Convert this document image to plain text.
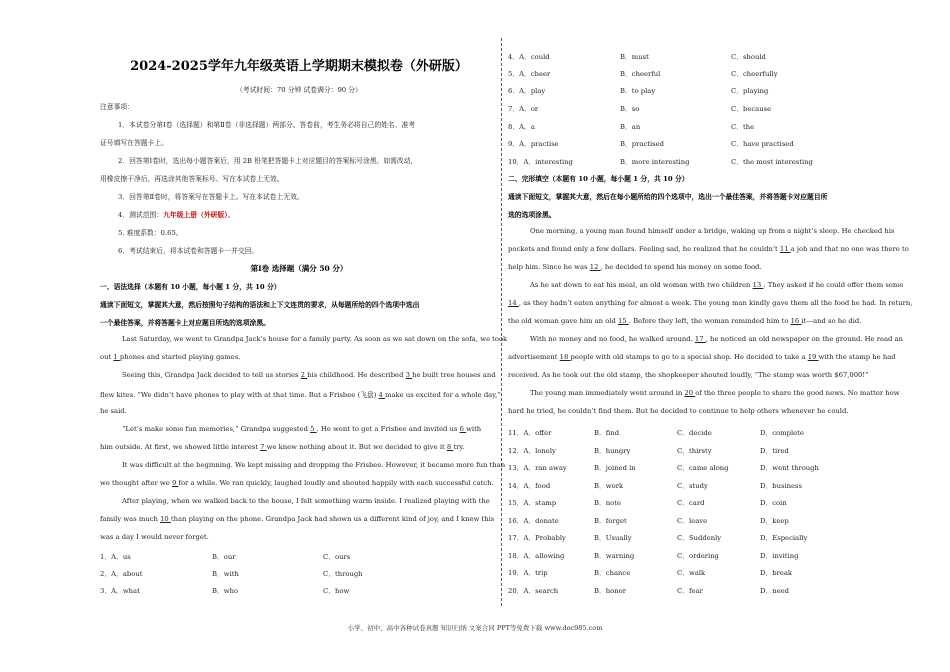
2024-2025学年九年级英语上学期期末模拟卷（外研版）
（考试时间：70 分钟 试卷满分：90 分）
注意事项：
1．本试卷分第Ⅰ卷（选择题）和第Ⅱ卷（非选择题）两部分。答卷前，考生务必将自己的姓名、准考
证号填写在答题卡上。
2．回答第Ⅰ卷时，选出每小题答案后，用 2B 铅笔把答题卡上对应题目的答案标号涂黑。如需改动，
用橡皮擦干净后，再选涂其他答案标号。写在本试卷上无效。
3．回答第Ⅱ卷时，将答案写在答题卡上。写在本试卷上无效。
4．测试范围：九年级上册（外研版）。
5. 难度系数：0.65。
6．考试结束后，将本试卷和答题卡一并交回。
第Ⅰ卷 选择题（满分 50 分）
一、语法选择（本题有 10 小题，每小题 1 分，共 10 分）
通读下面短文，掌握其大意，然后按照句子结构的语法和上下文连贯的要求，从每题所给的四个选项中选出
一个最佳答案，并将答题卡上对应题目所选的选项涂黑。
Last Saturday, we went to Grandpa Jack’s house for a family party. As soon as we sat down on the sofa, we took
out 1 phones and started playing games.
Seeing this, Grandpa Jack decided to tell us stories 2 his childhood. He described 3 he built tree houses and
flew kites. “We didn’t have phones to play with at that time. But a Frisbee (飞盘) 4 make us excited for a whole day,”
he said.
“Let’s make some fun memories,” Grandpa suggested 5 . He went to get a Frisbee and invited us 6 with
him outside. At first, we showed little interest 7 we knew nothing about it. But we decided to give it 8 try.
It was difficult at the beginning. We kept missing and dropping the Frisbee. However, it became more fun than
we thought after we 9 for a while. We ran quickly, laughed loudly and shouted happily with each successful catch.
After playing, when we walked back to the house, I felt something warm inside. I realized playing with the
family was much 10 than playing on the phone. Grandpa Jack had shown us a different kind of joy, and I knew this
was a day I would never forget.
1．A．us	B．our	C．ours
2．A．about	B．with	C．through
3．A．what	B．who	C．how
4．A．could	B．must	C．should
5．A．cheer	B．cheerful	C．cheerfully
6．A．play	B．to play	C．playing
7．A．or	B．so	C．because
8．A．a	B．an	C．the
9．A．practise	B．practised	C．have practised
10．A．interesting	B．more interesting	C．the most interesting
二、完形填空（本题有 10 小题，每小题 1 分，共 10 分）
通读下面短文，掌握其大意，然后在每小题所给的四个选项中，选出一个最佳答案，并将答题卡对应题目所
选的选项涂黑。
One morning, a young man found himself under a bridge, waking up from a night’s sleep. He checked his
pockets and found only a few dollars. Feeling sad, he realized that he couldn’t 11 a job and that no one was there to
help him. Since he was 12 , he decided to spend his money on some food.
As he sat down to eat his meal, an old woman with two children 13 . They asked if he could offer them some
14 , as they hadn’t eaten anything for almost a week. The young man kindly gave them all the food he had. In return,
the old woman gave him an old 15 . Before they left, the woman reminded him to 16 it—and so he did.
With no money and no food, he walked around. 17 , he noticed an old newspaper on the ground. He read an
advertisement 18 people with old stamps to go to a special shop. He decided to take a 19 with the stamp he had
received. As he took out the old stamp, the shopkeeper shouted loudly, “The stamp was worth $67,000!”
The young man immediately went around in 20 of the three people to share the good news. No matter how
hard he tried, he couldn’t find them. But he decided to continue to help others whenever he could.
11．A．offer	B．find	C．decide	D．complete
12．A．lonely	B．hungry	C．thirsty	D．tired
13．A．ran away	B．joined in	C．came along	D．went through
14．A．food	B．work	C．study	D．business
15．A．stamp	B．note	C．card	D．coin
16．A．donate	B．forget	C．leave	D．keep
17．A．Probably	B．Usually	C．Suddenly	D．Especially
18．A．allowing	B．warning	C．ordering	D．inviting
19．A．trip	B．chance	C．walk	D．break
20．A．search	B．honor	C．fear	D．need
小学、初中、高中各种试卷真题 知识归纳 文案合同 PPT等免费下载 www.doc985.com
